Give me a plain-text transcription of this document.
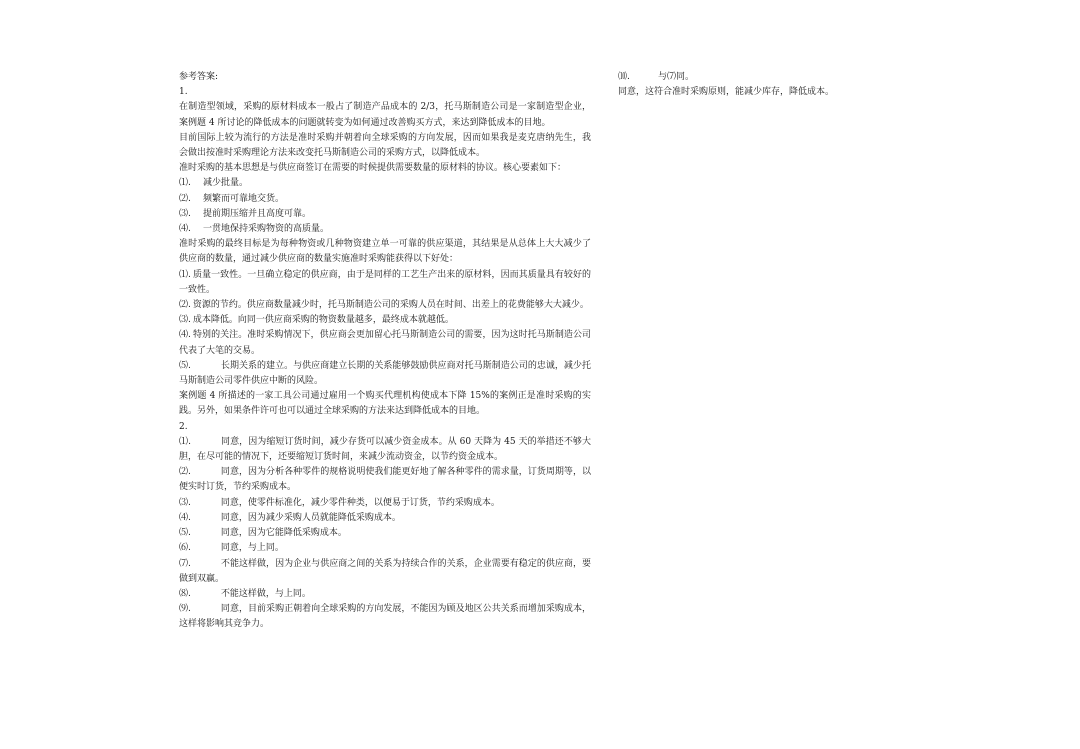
参考答案:

1.

在制造型领域，采购的原材料成本一般占了制造产品成本的 2/3，托马斯制造公司是一家制造型企业，案例题 4 所讨论的降低成本的问题就转变为如何通过改善购买方式，来达到降低成本的目地。

目前国际上较为流行的方法是准时采购并朝着向全球采购的方向发展，因而如果我是麦克唐纳先生，我会做出按准时采购理论方法来改变托马斯制造公司的采购方式，以降低成本。

准时采购的基本思想是与供应商签订在需要的时候提供需要数量的原材料的协议。核心要素如下：

⑴.	减少批量。
⑵.	频繁而可靠地交货。
⑶.	提前期压缩并且高度可靠。
⑷.	一贯地保持采购物资的高质量。

准时采购的最终目标是为每种物资或几种物资建立单一可靠的供应渠道，其结果是从总体上大大减少了供应商的数量，通过减少供应商的数量实施准时采购能获得以下好处：

⑴. 质量一致性。一旦确立稳定的供应商，由于是同样的工艺生产出来的原材料，因而其质量具有较好的一致性。

⑵. 资源的节约。供应商数量减少时，托马斯制造公司的采购人员在时间、出差上的花费能够大大减少。

⑶. 成本降低。向同一供应商采购的物资数量越多，最终成本就越低。

⑷. 特别的关注。准时采购情况下，供应商会更加留心托马斯制造公司的需要，因为这时托马斯制造公司代表了大笔的交易。

⑸.	长期关系的建立。与供应商建立长期的关系能够鼓励供应商对托马斯制造公司的忠诚，减少托马斯制造公司零件供应中断的风险。

案例题 4 所描述的一家工具公司通过雇用一个购买代理机构使成本下降 15%的案例正是准时采购的实践。另外，如果条件许可也可以通过全球采购的方法来达到降低成本的目地。

2.

⑴.	同意，因为缩短订货时间，减少存货可以减少资金成本。从 60 天降为 45 天的举措还不够大胆，在尽可能的情况下，还要缩短订货时间，来减少流动资金，以节约资金成本。

⑵.	同意，因为分析各种零件的规格说明使我们能更好地了解各种零件的需求量，订货周期等，以便实时订货，节约采购成本。

⑶.	同意，使零件标准化，减少零件种类，以便易于订货，节约采购成本。

⑷.	同意，因为减少采购人员就能降低采购成本。

⑸.	同意，因为它能降低采购成本。

⑹.	同意，与上同。

⑺.	不能这样做，因为企业与供应商之间的关系为持续合作的关系，企业需要有稳定的供应商，要做到双赢。

⑻.	不能这样做，与上同。

⑼.	同意，目前采购正朝着向全球采购的方向发展，不能因为顾及地区公共关系而增加采购成本，这样将影响其竞争力。

⑽.	与⑺同。

同意，这符合准时采购原则，能减少库存，降低成本。
